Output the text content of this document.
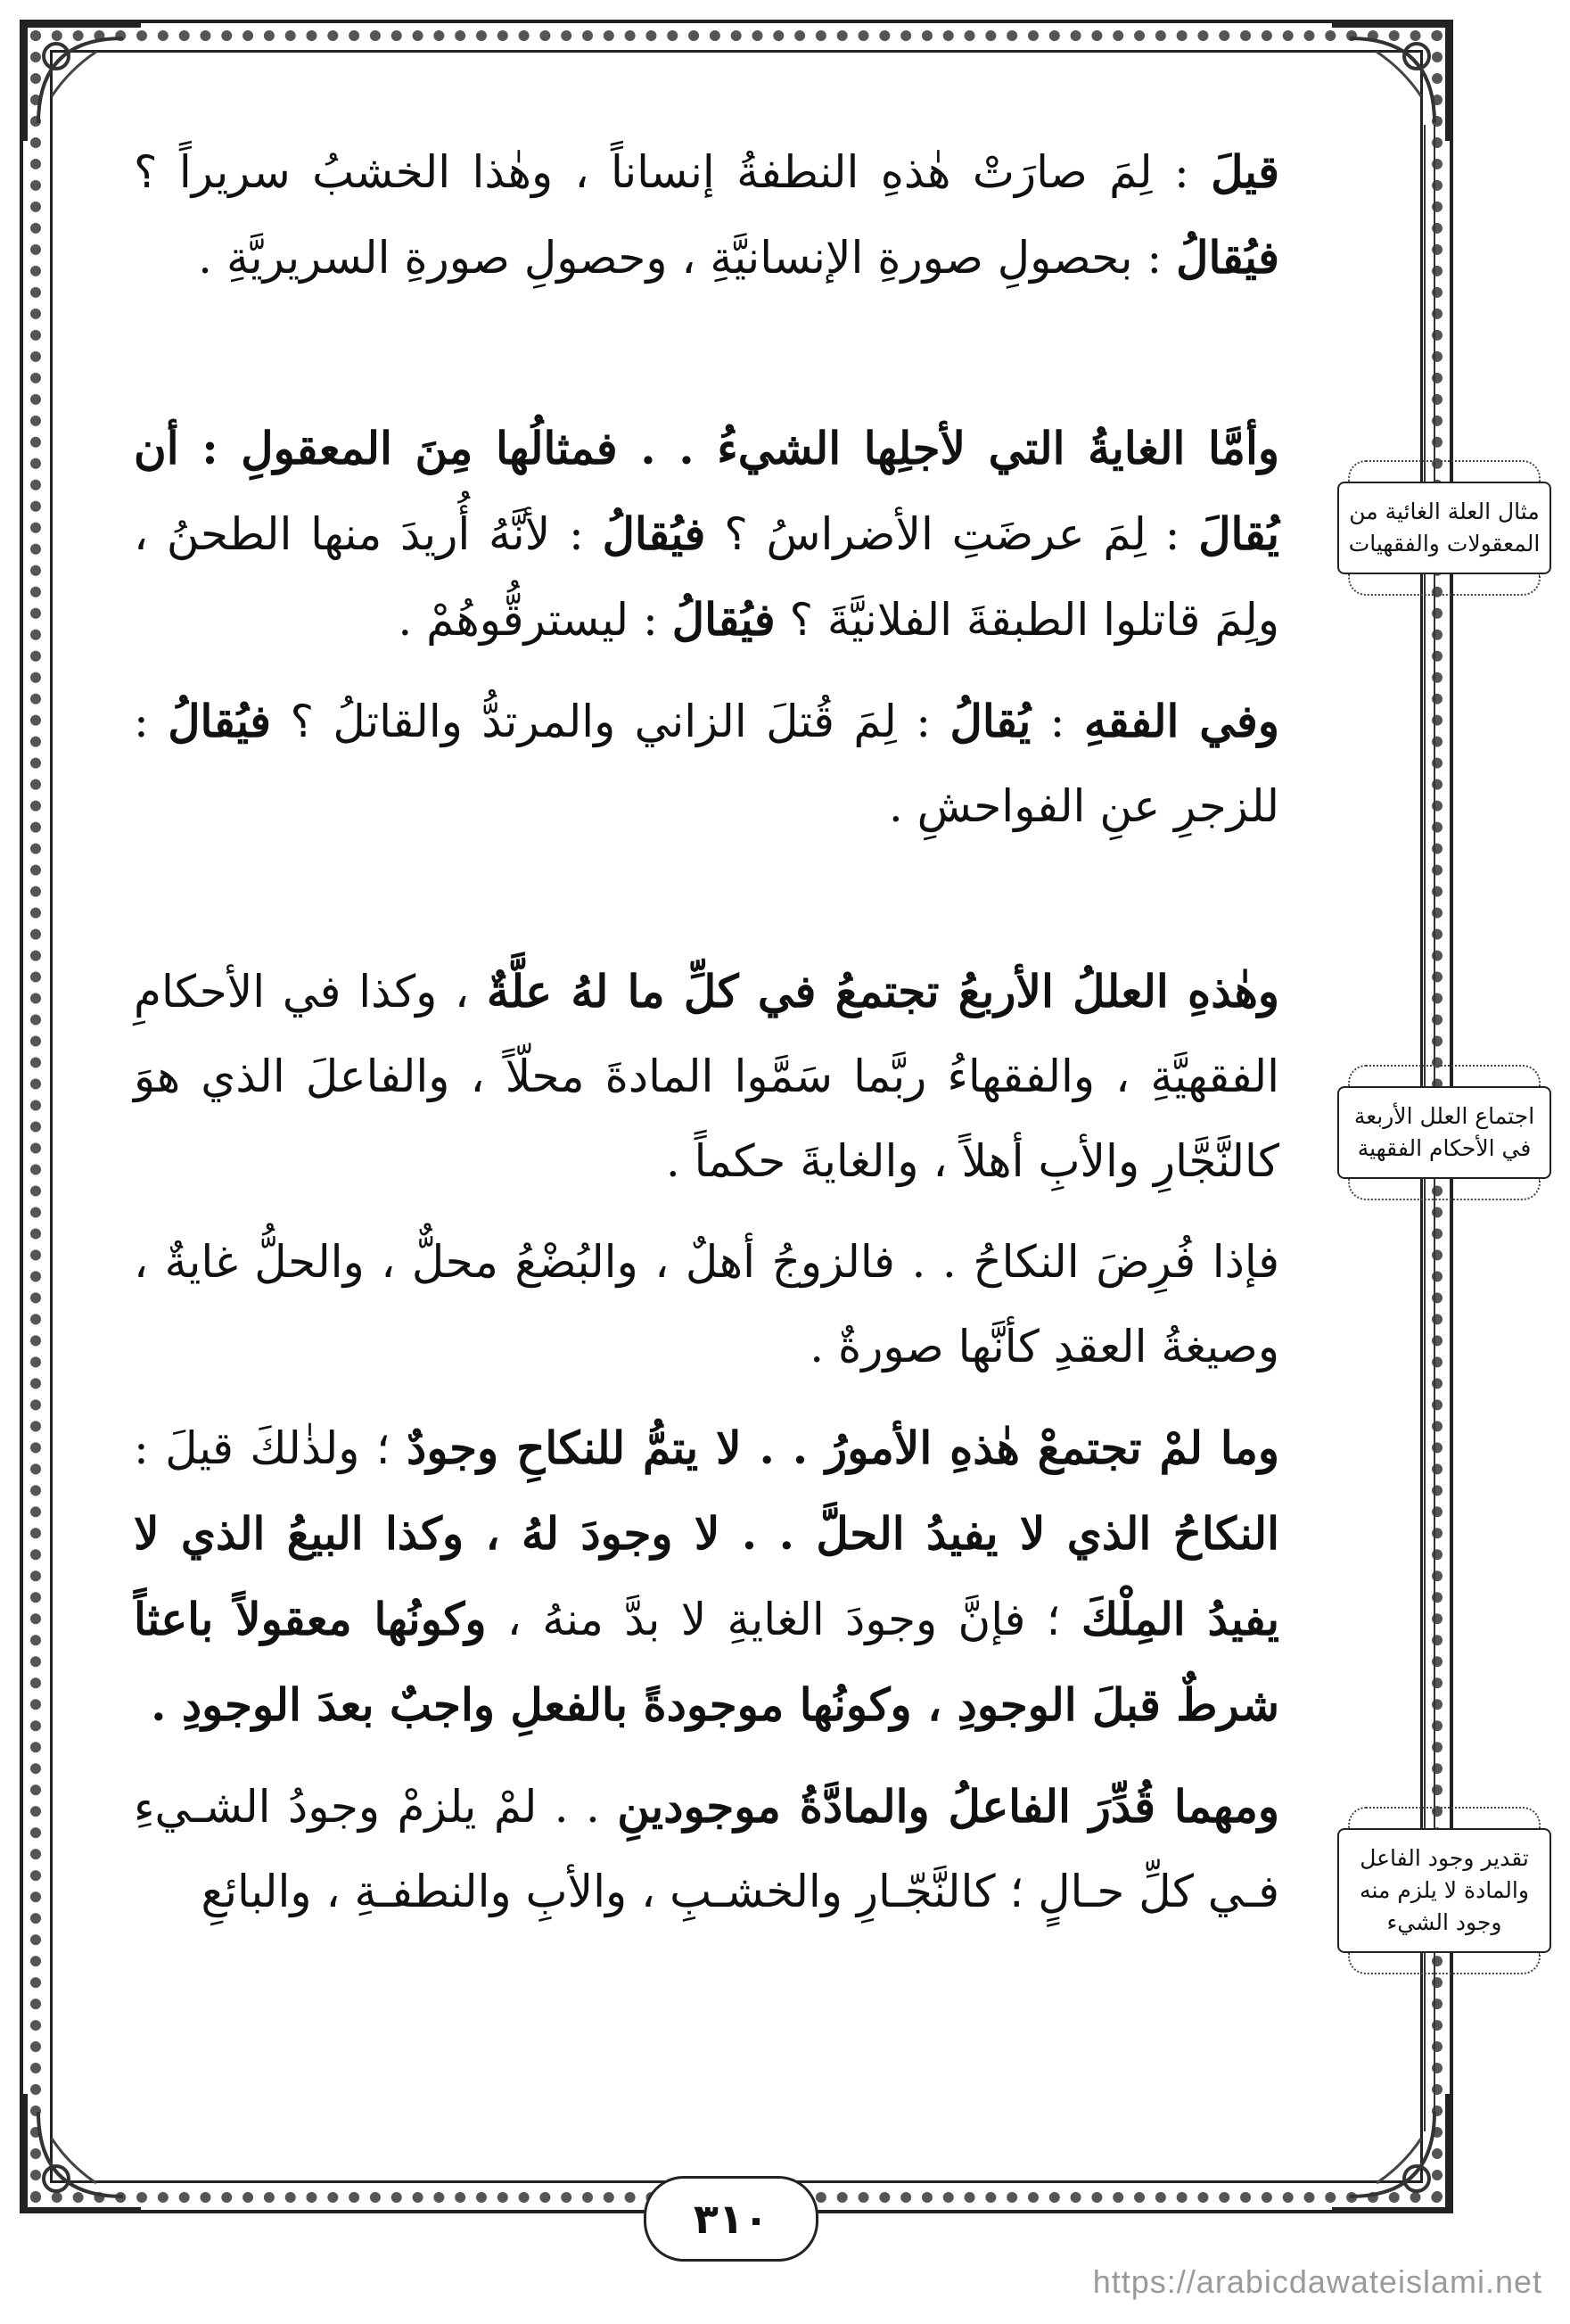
قيلَ : لِمَ صارَتْ هٰذهِ النطفةُ إنساناً ، وهٰذا الخشبُ سريراً ؟ فيُقالُ : بحصولِ صورةِ الإنسانيَّةِ ، وحصولِ صورةِ السريريَّةِ .

وأمَّا الغايةُ التي لأجلِها الشيءُ . . فمثالُها مِنَ المعقولِ : أن يُقالَ : لِمَ عرضَتِ الأضراسُ ؟ فيُقالُ : لأنَّهُ أُريدَ منها الطحنُ ، ولِمَ قاتلوا الطبقةَ الفلانيَّةَ ؟ فيُقالُ : ليسترقُّوهُمْ .

وفي الفقهِ : يُقالُ : لِمَ قُتلَ الزاني والمرتدُّ والقاتلُ ؟ فيُقالُ : للزجرِ عنِ الفواحشِ .

وهٰذهِ العللُ الأربعُ تجتمعُ في كلِّ ما لهُ علَّةٌ ، وكذا في الأحكامِ الفقهيَّةِ ، والفقهاءُ ربَّما سَمَّوا المادةَ محلّاً ، والفاعلَ الذي هوَ كالنَّجَّارِ والأبِ أهلاً ، والغايةَ حكماً .

فإذا فُرِضَ النكاحُ . . فالزوجُ أهلٌ ، والبُضْعُ محلٌّ ، والحلُّ غايةٌ ، وصيغةُ العقدِ كأنَّها صورةٌ .

وما لمْ تجتمعْ هٰذهِ الأمورُ . . لا يتمُّ للنكاحِ وجودٌ ؛ ولذٰلكَ قيلَ : النكاحُ الذي لا يفيدُ الحلَّ . . لا وجودَ لهُ ، وكذا البيعُ الذي لا يفيدُ المِلْكَ ؛ فإنَّ وجودَ الغايةِ لا بدَّ منهُ ، وكونُها معقولاً باعثاً شرطٌ قبلَ الوجودِ ، وكونُها موجودةً بالفعلِ واجبٌ بعدَ الوجودِ .

ومهما قُدِّرَ الفاعلُ والمادَّةُ موجودينِ . . لمْ يلزمْ وجودُ الشـيءِ فـي كلِّ حـالٍ ؛ كالنَّجّـارِ والخشـبِ ، والأبِ والنطفـةِ ، والبائعِ

مثال العلة الغائية من المعقولات والفقهيات
اجتماع العلل الأربعة في الأحكام الفقهية
تقدير وجود الفاعل والمادة لا يلزم منه وجود الشيء
٣١٠
https://arabicdawateislami.net
